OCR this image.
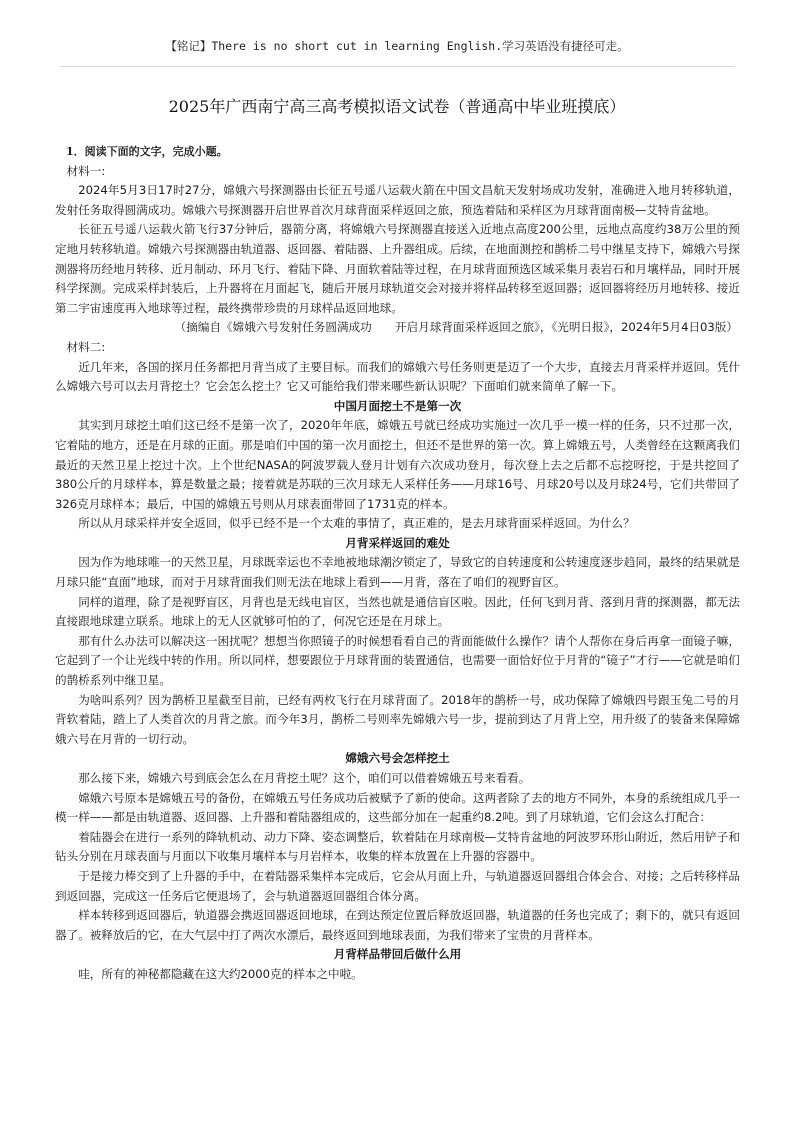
【铭记】There is no short cut in learning English.学习英语没有捷径可走。
2025年广西南宁高三高考模拟语文试卷（普通高中毕业班摸底）

1．阅读下面的文字，完成小题。

材料一:

2024年5月3日17时27分，嫦娥六号探测器由长征五号遥八运载火箭在中国文昌航天发射场成功发射，准确进入地月转移轨道，发射任务取得圆满成功。嫦娥六号探测器开启世界首次月球背面采样返回之旅，预选着陆和采样区为月球背面南极—艾特肯盆地。

长征五号遥八运载火箭飞行37分钟后，器箭分离，将嫦娥六号探测器直接送入近地点高度200公里，远地点高度约38万公里的预定地月转移轨道。嫦娥六号探测器由轨道器、返回器、着陆器、上升器组成。后续，在地面测控和鹊桥二号中继星支持下，嫦娥六号探测器将历经地月转移、近月制动、环月飞行、着陆下降、月面软着陆等过程，在月球背面预选区域采集月表岩石和月壤样品，同时开展科学探测。完成采样封装后，上升器将在月面起飞，随后开展月球轨道交会对接并将样品转移至返回器；返回器将经历月地转移、接近第二宇宙速度再入地球等过程，最终携带珍贵的月球样品返回地球。

（摘编自《嫦娥六号发射任务圆满成功　　开启月球背面采样返回之旅》，《光明日报》，2024年5月4日03版）

材料二:

近几年来，各国的探月任务都把月背当成了主要目标。而我们的嫦娥六号任务则更是迈了一个大步，直接去月背采样并返回。凭什么嫦娥六号可以去月背挖土？它会怎么挖土？它又可能给我们带来哪些新认识呢？下面咱们就来简单了解一下。

中国月面挖土不是第一次

其实到月球挖土咱们这已经不是第一次了，2020年年底，嫦娥五号就已经成功实施过一次几乎一模一样的任务，只不过那一次，它着陆的地方，还是在月球的正面。那是咱们中国的第一次月面挖土，但还不是世界的第一次。算上嫦娥五号，人类曾经在这颗离我们最近的天然卫星上挖过十次。上个世纪NASA的阿波罗载人登月计划有六次成功登月，每次登上去之后都不忘挖呀挖，于是共挖回了380公斤的月球样本，算是数量之最；接着就是苏联的三次月球无人采样任务——月球16号、月球20号以及月球24号，它们共带回了326克月球样本；最后，中国的嫦娥五号则从月球表面带回了1731克的样本。

所以从月球采样并安全返回，似乎已经不是一个太难的事情了，真正难的，是去月球背面采样返回。为什么？

月背采样返回的难处

因为作为地球唯一的天然卫星，月球既幸运也不幸地被地球潮汐锁定了，导致它的自转速度和公转速度逐步趋同，最终的结果就是月球只能“直面”地球，而对于月球背面我们则无法在地球上看到——月背，落在了咱们的视野盲区。

同样的道理，除了是视野盲区，月背也是无线电盲区，当然也就是通信盲区啦。因此，任何飞到月背、落到月背的探测器，都无法直接跟地球建立联系。地球上的无人区就够可怕的了，何况它还是在月球上。

那有什么办法可以解决这一困扰呢？想想当你照镜子的时候想看看自己的背面能做什么操作？请个人帮你在身后再拿一面镜子嘛，它起到了一个让光线中转的作用。所以同样，想要跟位于月球背面的装置通信，也需要一面恰好位于月背的“镜子”才行——它就是咱们的鹊桥系列中继卫星。

为啥叫系列？因为鹊桥卫星截至目前，已经有两枚飞行在月球背面了。2018年的鹊桥一号，成功保障了嫦娥四号跟玉兔二号的月背软着陆，踏上了人类首次的月背之旅。而今年3月，鹊桥二号则率先嫦娥六号一步，提前到达了月背上空，用升级了的装备来保障嫦娥六号在月背的一切行动。

嫦娥六号会怎样挖土

那么接下来，嫦娥六号到底会怎么在月背挖土呢？这个，咱们可以借着嫦娥五号来看看。

嫦娥六号原本是嫦娥五号的备份，在嫦娥五号任务成功后被赋予了新的使命。这两者除了去的地方不同外，本身的系统组成几乎一模一样——都是由轨道器、返回器、上升器和着陆器组成的，这些部分加在一起重约8.2吨。到了月球轨道，它们会这么打配合：

着陆器会在进行一系列的降轨机动、动力下降、姿态调整后，软着陆在月球南极—艾特肯盆地的阿波罗环形山附近，然后用铲子和钻头分别在月球表面与月面以下收集月壤样本与月岩样本，收集的样本放置在上升器的容器中。

于是接力棒交到了上升器的手中，在着陆器采集样本完成后，它会从月面上升，与轨道器返回器组合体会合、对接；之后转移样品到返回器，完成这一任务后它便退场了，会与轨道器返回器组合体分离。

样本转移到返回器后，轨道器会携返回器返回地球，在到达预定位置后释放返回器，轨道器的任务也完成了；剩下的，就只有返回器了。被释放后的它，在大气层中打了两次水漂后，最终返回到地球表面，为我们带来了宝贵的月背样本。

月背样品带回后做什么用

哇，所有的神秘都隐藏在这大约2000克的样本之中啦。
